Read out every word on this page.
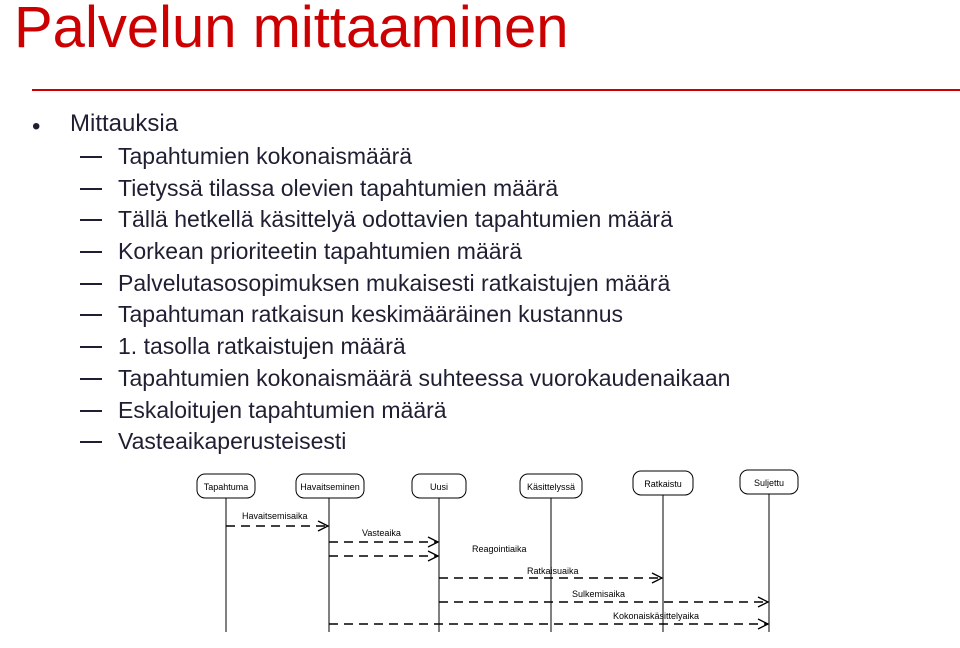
Palvelun mittaaminen
• Mittauksia
Tapahtumien kokonaismäärä
Tietyssä tilassa olevien tapahtumien määrä
Tällä hetkellä käsittelyä odottavien tapahtumien määrä
Korkean prioriteetin tapahtumien määrä
Palvelutasosopimuksen mukaisesti ratkaistujen määrä
Tapahtuman ratkaisun keskimääräinen kustannus
1. tasolla ratkaistujen määrä
Tapahtumien kokonaismäärä suhteessa vuorokaudenaikaan
Eskaloitujen tapahtumien määrä
Vasteaikaperusteisesti
Tapahtuma	Havaitseminen	Uusi	Käsittelyssä	Ratkaistu	Suljettu
Havaitsemisaika
Vasteaika
Reagointiaika
Ratkaisuaika
Sulkemisaika
Kokonaiskäsittelyaika
